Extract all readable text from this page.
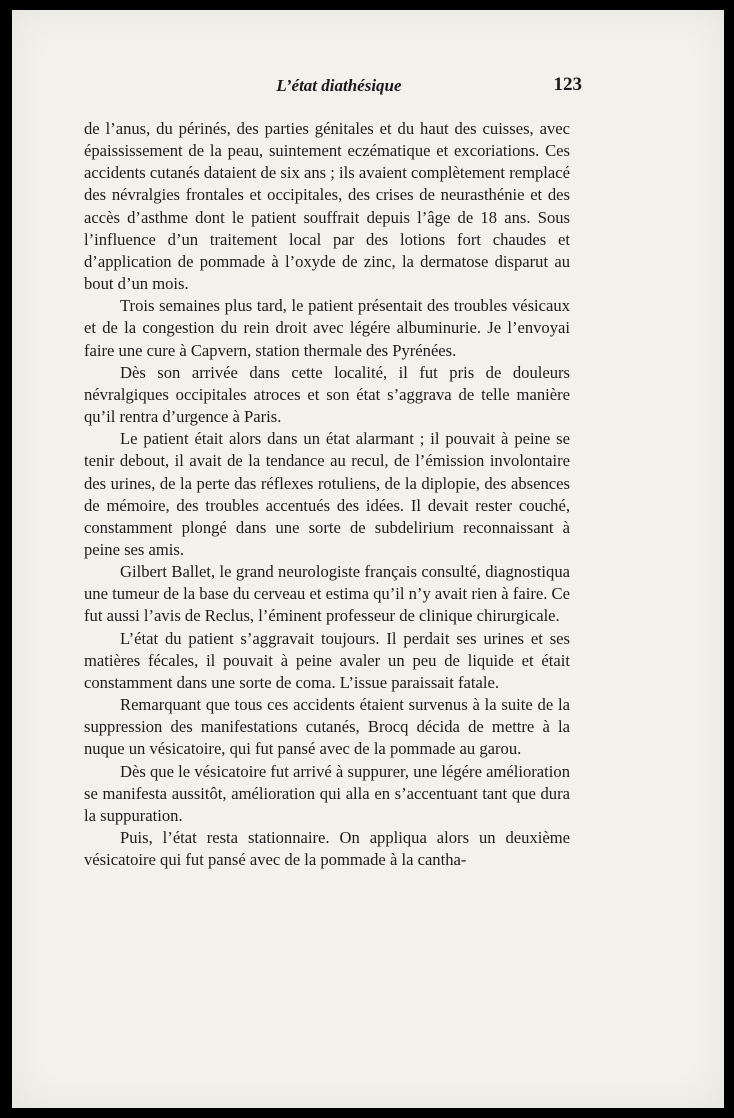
L’état diathésique	123

de l’anus, du périnés, des parties génitales et du haut des cuisses, avec épaississement de la peau, suintement eczématique et excoriations. Ces accidents cutanés dataient de six ans ; ils avaient complètement remplacé des névralgies frontales et occipitales, des crises de neurasthénie et des accès d’asthme dont le patient souffrait depuis l’âge de 18 ans. Sous l’influence d’un traitement local par des lotions fort chaudes et d’application de pommade à l’oxyde de zinc, la dermatose disparut au bout d’un mois.

Trois semaines plus tard, le patient présentait des troubles vésicaux et de la congestion du rein droit avec légére albuminurie. Je l’envoyai faire une cure à Capvern, station thermale des Pyrénées.

Dès son arrivée dans cette localité, il fut pris de douleurs névralgiques occipitales atroces et son état s’aggrava de telle manière qu’il rentra d’urgence à Paris.

Le patient était alors dans un état alarmant ; il pouvait à peine se tenir debout, il avait de la tendance au recul, de l’émission involontaire des urines, de la perte das réflexes rotuliens, de la diplopie, des absences de mémoire, des troubles accentués des idées. Il devait rester couché, constamment plongé dans une sorte de subdelirium reconnaissant à peine ses amis.

Gilbert Ballet, le grand neurologiste français consulté, diagnostiqua une tumeur de la base du cerveau et estima qu’il n’y avait rien à faire. Ce fut aussi l’avis de Reclus, l’éminent professeur de clinique chirurgicale.

L’état du patient s’aggravait toujours. Il perdait ses urines et ses matières fécales, il pouvait à peine avaler un peu de liquide et était constamment dans une sorte de coma. L’issue paraissait fatale.

Remarquant que tous ces accidents étaient survenus à la suite de la suppression des manifestations cutanés, Brocq décida de mettre à la nuque un vésicatoire, qui fut pansé avec de la pommade au garou.

Dès que le vésicatoire fut arrivé à suppurer, une légére amélioration se manifesta aussitôt, amélioration qui alla en s’accentuant tant que dura la suppuration.

Puis, l’état resta stationnaire. On appliqua alors un deuxième vésicatoire qui fut pansé avec de la pommade à la cantha-
